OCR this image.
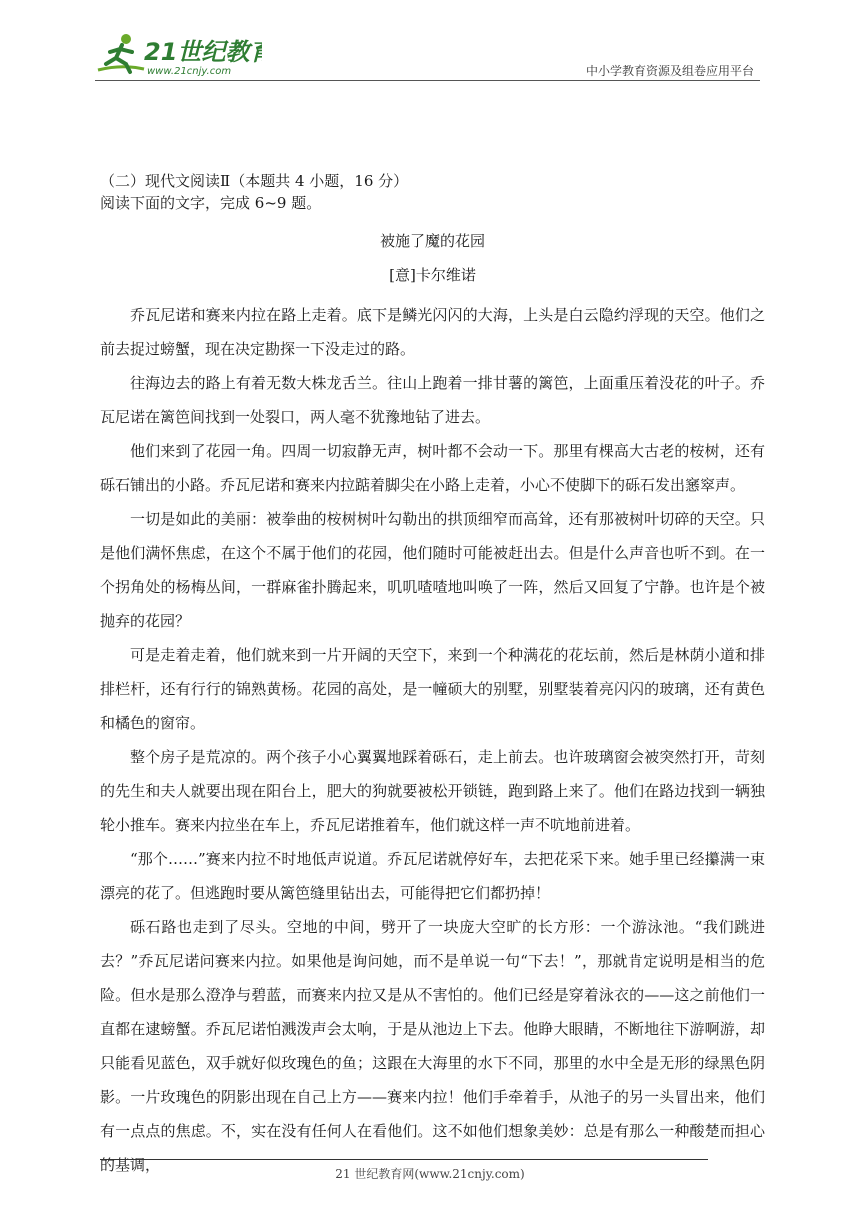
21世纪教育
www.21cnjy.com	中小学教育资源及组卷应用平台

（二）现代文阅读Ⅱ（本题共 4 小题，16 分）

阅读下面的文字，完成 6~9 题。

被施了魔的花园

[意]卡尔维诺

乔瓦尼诺和赛来内拉在路上走着。底下是鳞光闪闪的大海，上头是白云隐约浮现的天空。他们之前去捉过螃蟹，现在决定勘探一下没走过的路。

往海边去的路上有着无数大株龙舌兰。往山上跑着一排甘薯的篱笆，上面重压着没花的叶子。乔瓦尼诺在篱笆间找到一处裂口，两人毫不犹豫地钻了进去。

他们来到了花园一角。四周一切寂静无声，树叶都不会动一下。那里有棵高大古老的桉树，还有砾石铺出的小路。乔瓦尼诺和赛来内拉踮着脚尖在小路上走着，小心不使脚下的砾石发出窸窣声。

一切是如此的美丽：被拳曲的桉树树叶勾勒出的拱顶细窄而高耸，还有那被树叶切碎的天空。只是他们满怀焦虑，在这个不属于他们的花园，他们随时可能被赶出去。但是什么声音也听不到。在一个拐角处的杨梅丛间，一群麻雀扑腾起来，叽叽喳喳地叫唤了一阵，然后又回复了宁静。也许是个被抛弃的花园？

可是走着走着，他们就来到一片开阔的天空下，来到一个种满花的花坛前，然后是林荫小道和排排栏杆，还有行行的锦熟黄杨。花园的高处，是一幢硕大的别墅，别墅装着亮闪闪的玻璃，还有黄色和橘色的窗帘。

整个房子是荒凉的。两个孩子小心翼翼地踩着砾石，走上前去。也许玻璃窗会被突然打开，苛刻的先生和夫人就要出现在阳台上，肥大的狗就要被松开锁链，跑到路上来了。他们在路边找到一辆独轮小推车。赛来内拉坐在车上，乔瓦尼诺推着车，他们就这样一声不吭地前进着。

“那个……”赛来内拉不时地低声说道。乔瓦尼诺就停好车，去把花采下来。她手里已经攥满一束漂亮的花了。但逃跑时要从篱笆缝里钻出去，可能得把它们都扔掉！

砾石路也走到了尽头。空地的中间，劈开了一块庞大空旷的长方形：一个游泳池。“我们跳进去？”乔瓦尼诺问赛来内拉。如果他是询问她，而不是单说一句“下去！”，那就肯定说明是相当的危险。但水是那么澄净与碧蓝，而赛来内拉又是从不害怕的。他们已经是穿着泳衣的——这之前他们一直都在逮螃蟹。乔瓦尼诺怕溅泼声会太响，于是从池边上下去。他睁大眼睛，不断地往下游啊游，却只能看见蓝色，双手就好似玫瑰色的鱼；这跟在大海里的水下不同，那里的水中全是无形的绿黑色阴影。一片玫瑰色的阴影出现在自己上方——赛来内拉！他们手牵着手，从池子的另一头冒出来，他们有一点点的焦虑。不，实在没有任何人在看他们。这不如他们想象美妙：总是有那么一种酸楚而担心的基调，	21 世纪教育网(www.21cnjy.com)
